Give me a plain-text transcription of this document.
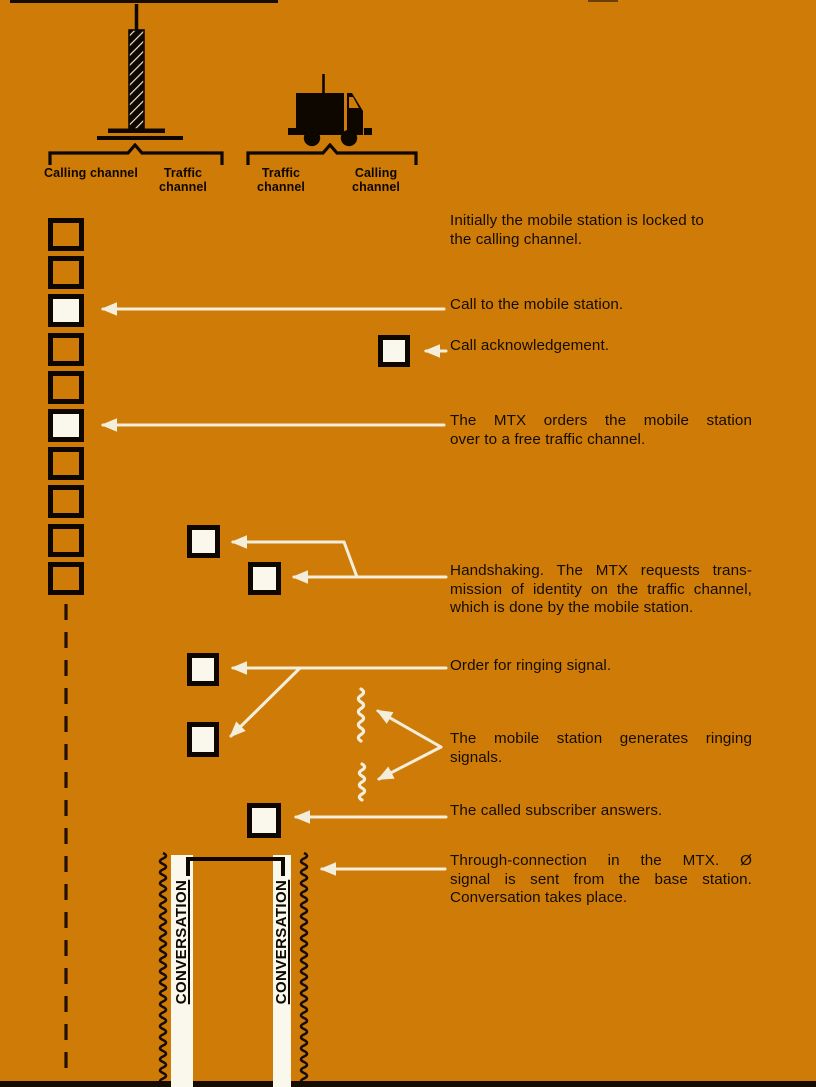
Calling channel	Traffic channel
Traffic channel
Calling channel
CONVERSATION	CONVERSATION
Initially the mobile station is locked to
the calling channel.
Call to the mobile station.
Call acknowledgement.
The MTX orders the mobile station
over to a free traffic channel.
Handshaking. The MTX requests trans-
mission of identity on the traffic channel,
which is done by the mobile station.
Order for ringing signal.
The mobile station generates ringing
signals.
The called subscriber answers.
Through-connection in the MTX. Ø
signal is sent from the base station.
Conversation takes place.
